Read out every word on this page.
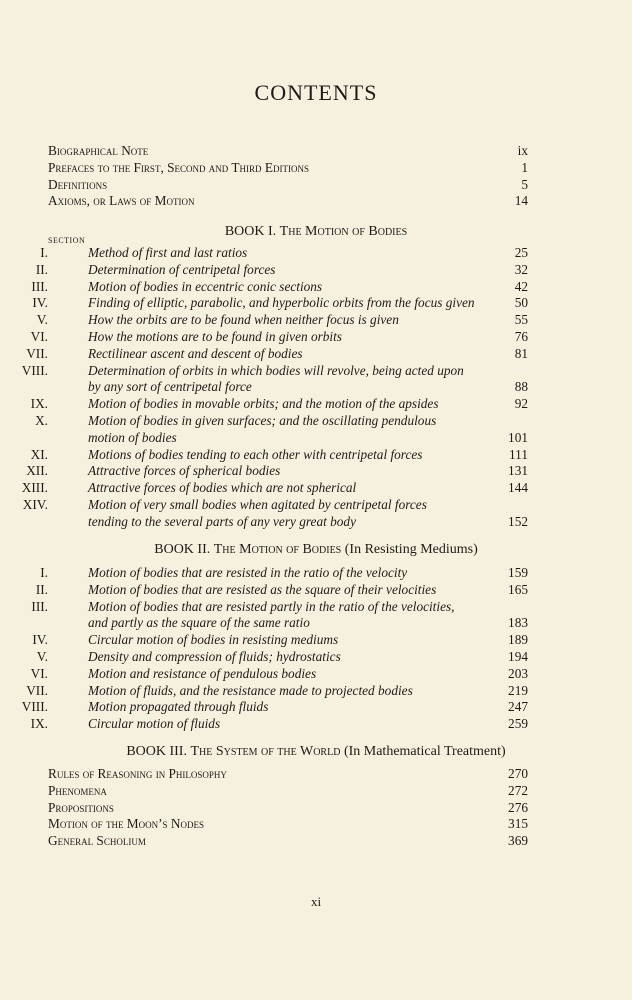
CONTENTS
Biographical Note	ix
Prefaces to the First, Second and Third Editions	1
Definitions	5
Axioms, or Laws of Motion	14
BOOK I. The Motion of Bodies
SECTION
I.	Method of first and last ratios	25
II.	Determination of centripetal forces	32
III.	Motion of bodies in eccentric conic sections	42
IV.	Finding of elliptic, parabolic, and hyperbolic orbits from the focus given	50
V.	How the orbits are to be found when neither focus is given	55
VI.	How the motions are to be found in given orbits	76
VII.	Rectilinear ascent and descent of bodies	81
VIII.	Determination of orbits in which bodies will revolve, being acted upon
by any sort of centripetal force	88
IX.	Motion of bodies in movable orbits; and the motion of the apsides	92
X.	Motion of bodies in given surfaces; and the oscillating pendulous
motion of bodies	101
XI.	Motions of bodies tending to each other with centripetal forces	111
XII.	Attractive forces of spherical bodies	131
XIII.	Attractive forces of bodies which are not spherical	144
XIV.	Motion of very small bodies when agitated by centripetal forces
tending to the several parts of any very great body	152
BOOK II. The Motion of Bodies (In Resisting Mediums)
I.	Motion of bodies that are resisted in the ratio of the velocity	159
II.	Motion of bodies that are resisted as the square of their velocities	165
III.	Motion of bodies that are resisted partly in the ratio of the velocities,
and partly as the square of the same ratio	183
IV.	Circular motion of bodies in resisting mediums	189
V.	Density and compression of fluids; hydrostatics	194
VI.	Motion and resistance of pendulous bodies	203
VII.	Motion of fluids, and the resistance made to projected bodies	219
VIII.	Motion propagated through fluids	247
IX.	Circular motion of fluids	259
BOOK III. The System of the World (In Mathematical Treatment)
Rules of Reasoning in Philosophy	270
Phenomena	272
Propositions	276
Motion of the Moon’s Nodes	315
General Scholium	369
xi
